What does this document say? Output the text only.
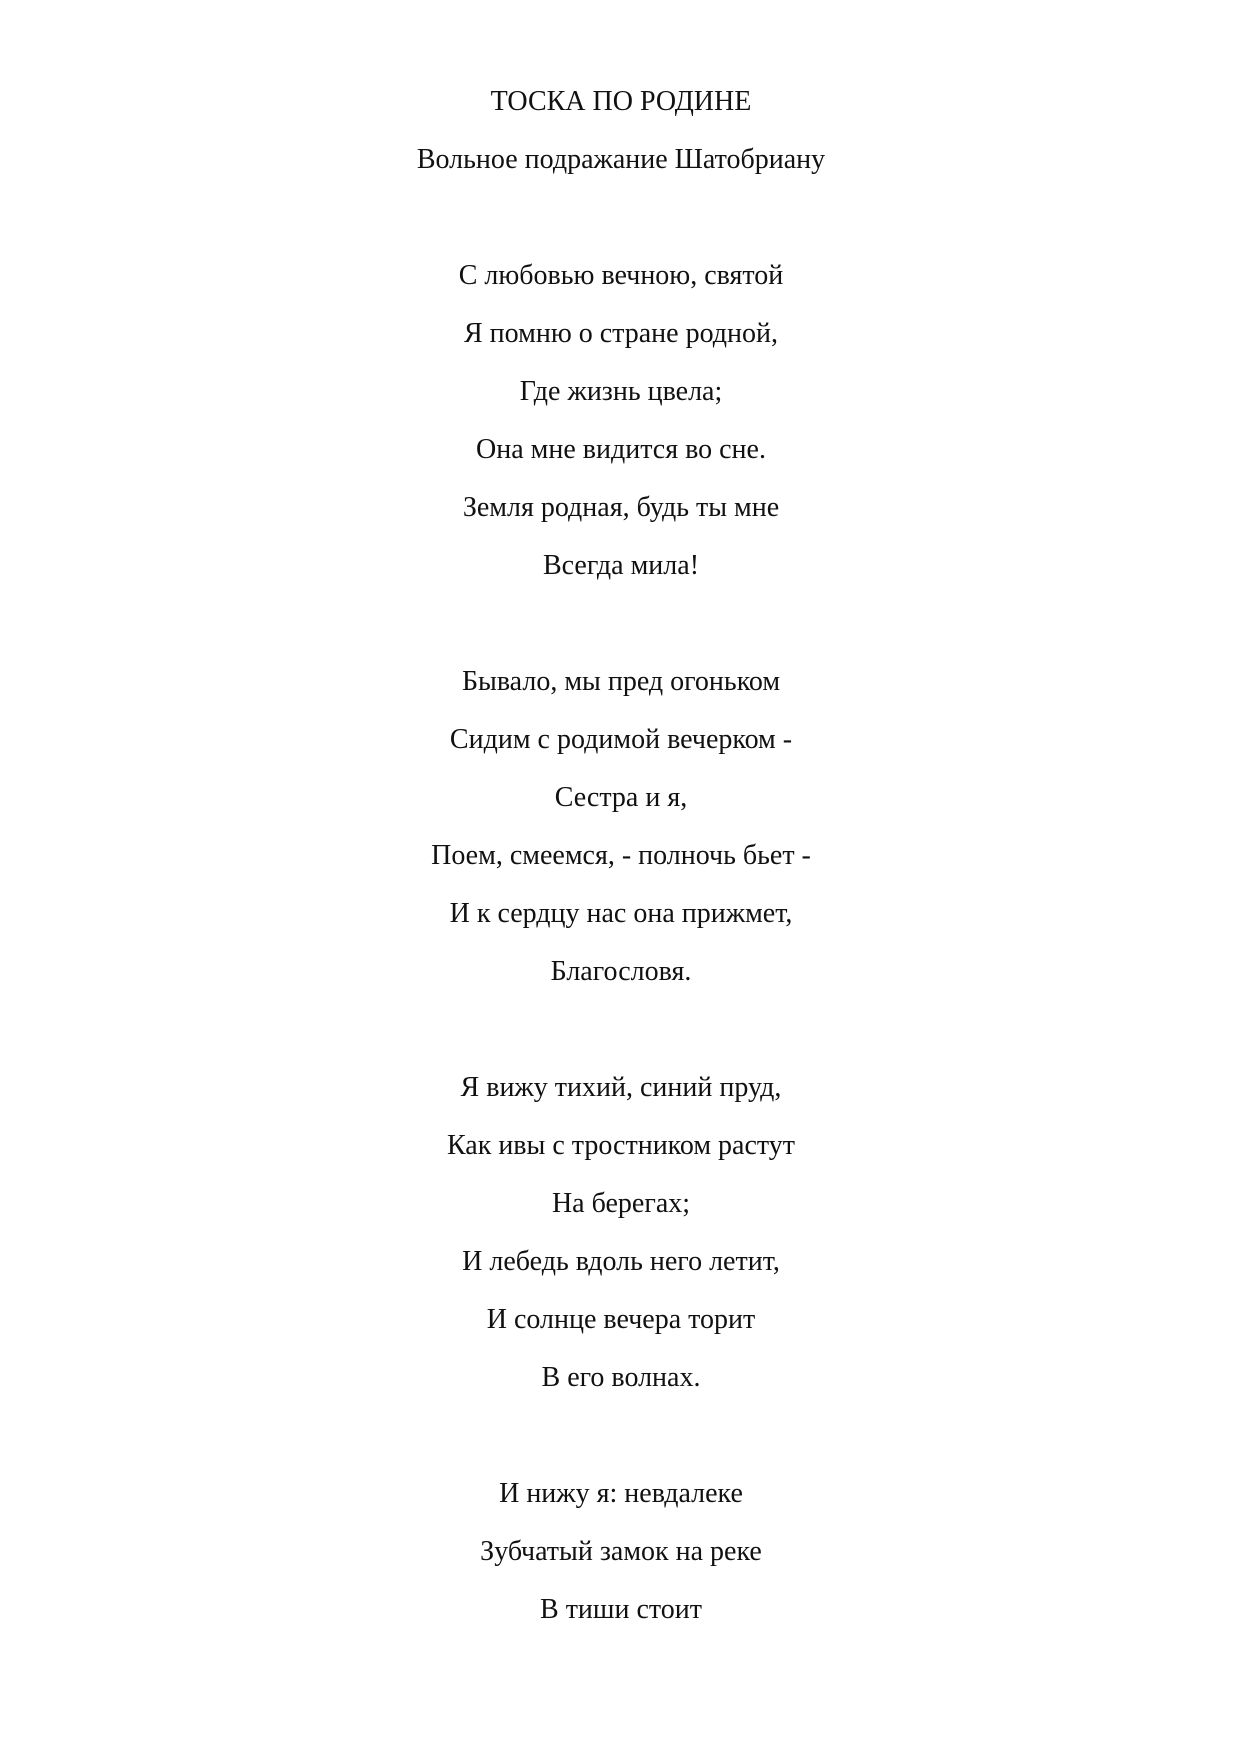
ТОСКА ПО РОДИНЕ
Вольное подражание Шатобриану
С любовью вечною, святой
Я помню о стране родной,
Где жизнь цвела;
Она мне видится во сне.
Земля родная, будь ты мне
Всегда мила!
Бывало, мы пред огоньком
Сидим с родимой вечерком -
Сестра и я,
Поем, смеемся, - полночь бьет -
И к сердцу нас она прижмет,
Благословя.
Я вижу тихий, синий пруд,
Как ивы с тростником растут
На берегах;
И лебедь вдоль него летит,
И солнце вечера торит
В его волнах.
И нижу я: невдалеке
Зубчатый замок на реке
В тиши стоит
